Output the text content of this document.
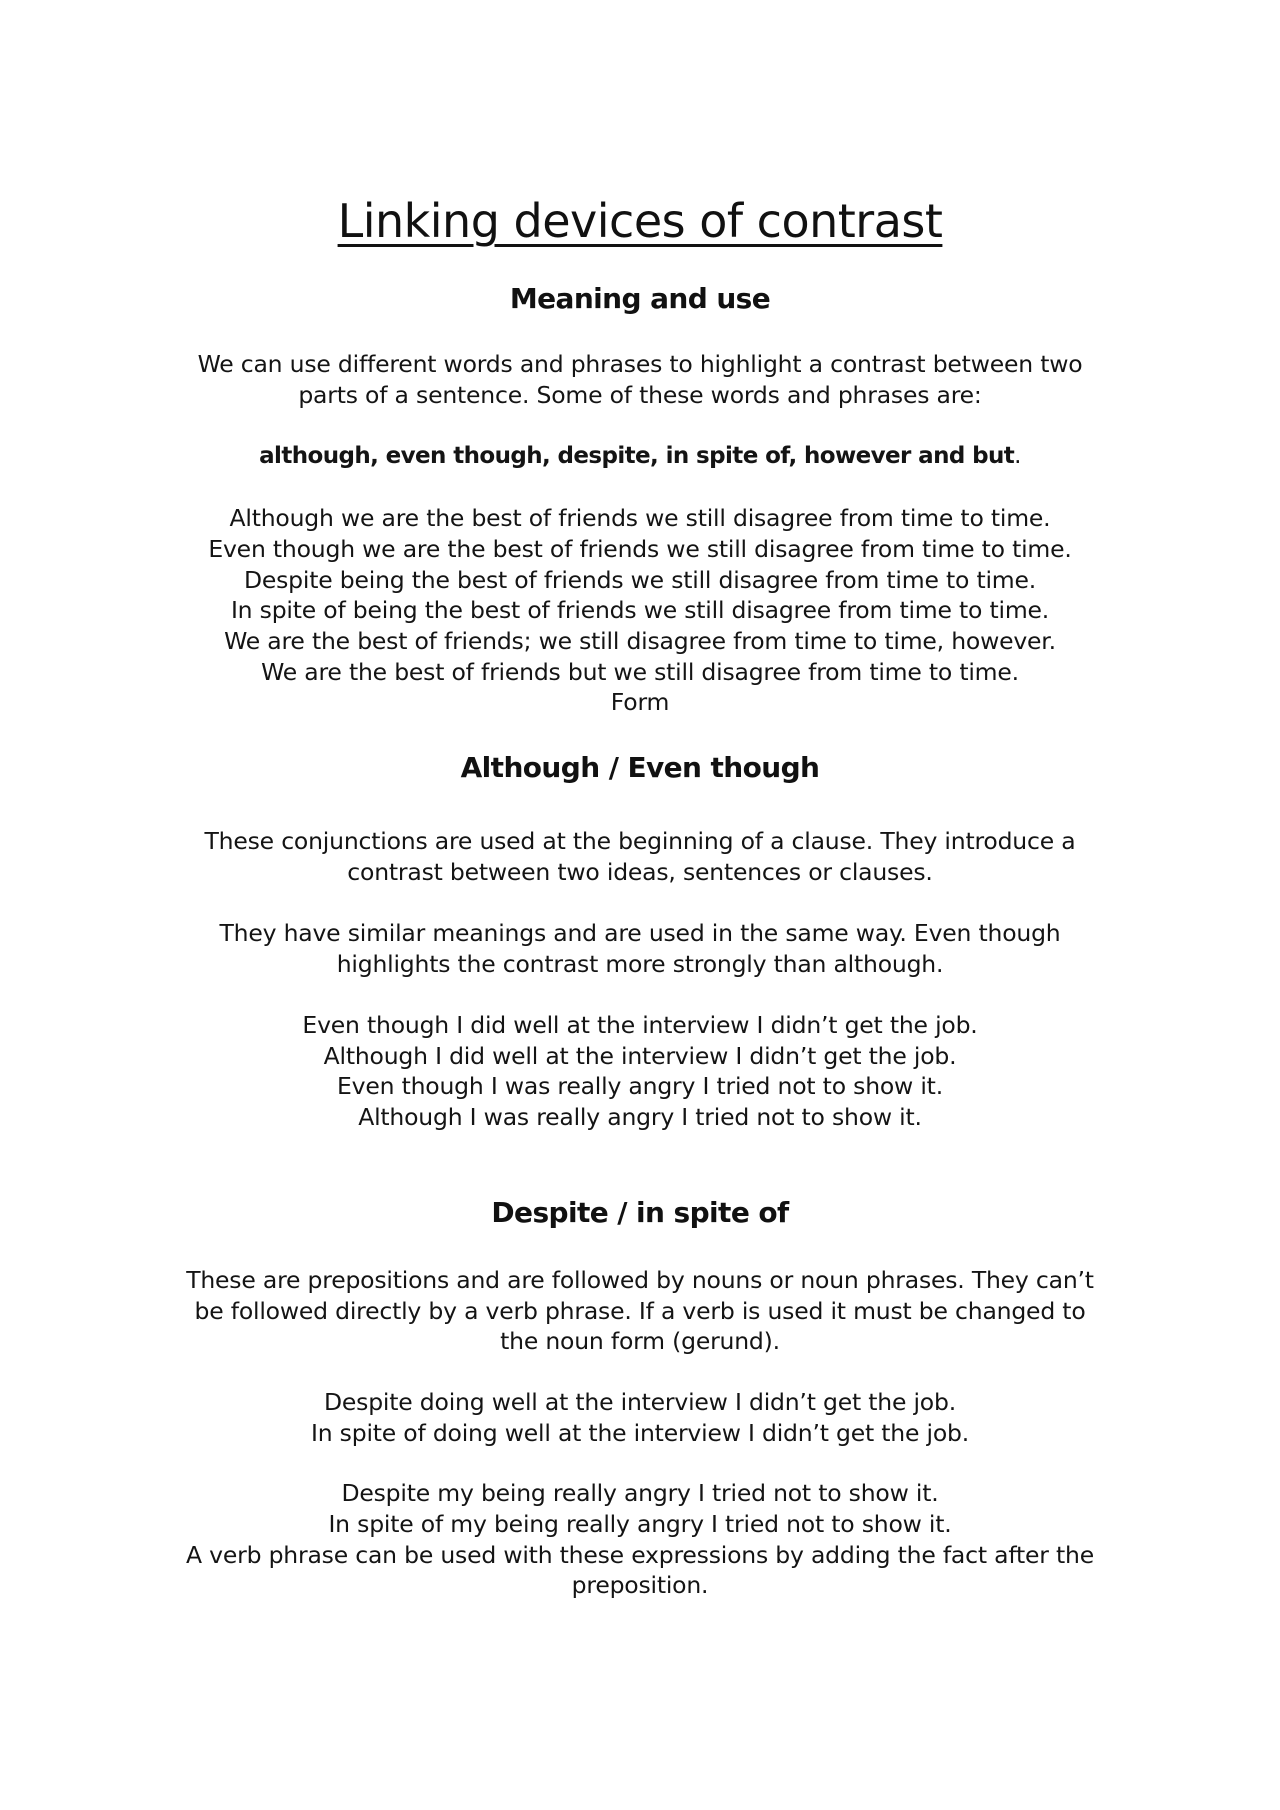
Linking devices of contrast
Meaning and use
We can use different words and phrases to highlight a contrast between two
parts of a sentence. Some of these words and phrases are:
although, even though, despite, in spite of, however and but.
Although we are the best of friends we still disagree from time to time.
Even though we are the best of friends we still disagree from time to time.
Despite being the best of friends we still disagree from time to time.
In spite of being the best of friends we still disagree from time to time.
We are the best of friends; we still disagree from time to time, however.
We are the best of friends but we still disagree from time to time.
Form
Although / Even though
These conjunctions are used at the beginning of a clause. They introduce a
contrast between two ideas, sentences or clauses.
They have similar meanings and are used in the same way. Even though
highlights the contrast more strongly than although.
Even though I did well at the interview I didn’t get the job.
Although I did well at the interview I didn’t get the job.
Even though I was really angry I tried not to show it.
Although I was really angry I tried not to show it.
Despite / in spite of
These are prepositions and are followed by nouns or noun phrases. They can’t
be followed directly by a verb phrase. If a verb is used it must be changed to
the noun form (gerund).
Despite doing well at the interview I didn’t get the job.
In spite of doing well at the interview I didn’t get the job.
Despite my being really angry I tried not to show it.
In spite of my being really angry I tried not to show it.
A verb phrase can be used with these expressions by adding the fact after the
preposition.
